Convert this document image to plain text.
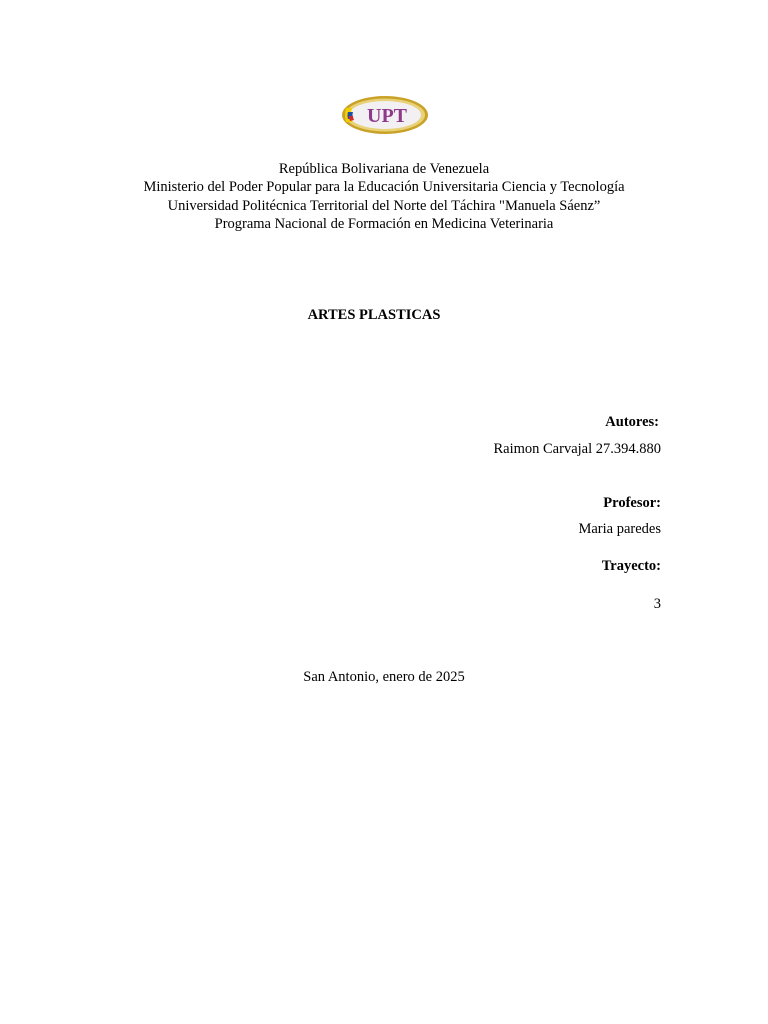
UPT
República Bolivariana de Venezuela
Ministerio del Poder Popular para la Educación Universitaria Ciencia y Tecnología
Universidad Politécnica Territorial del Norte del Táchira "Manuela Sáenz”
Programa Nacional de Formación en Medicina Veterinaria
ARTES PLASTICAS
Autores:
Raimon Carvajal 27.394.880
Profesor:
Maria paredes
Trayecto:
3
San Antonio, enero de 2025
